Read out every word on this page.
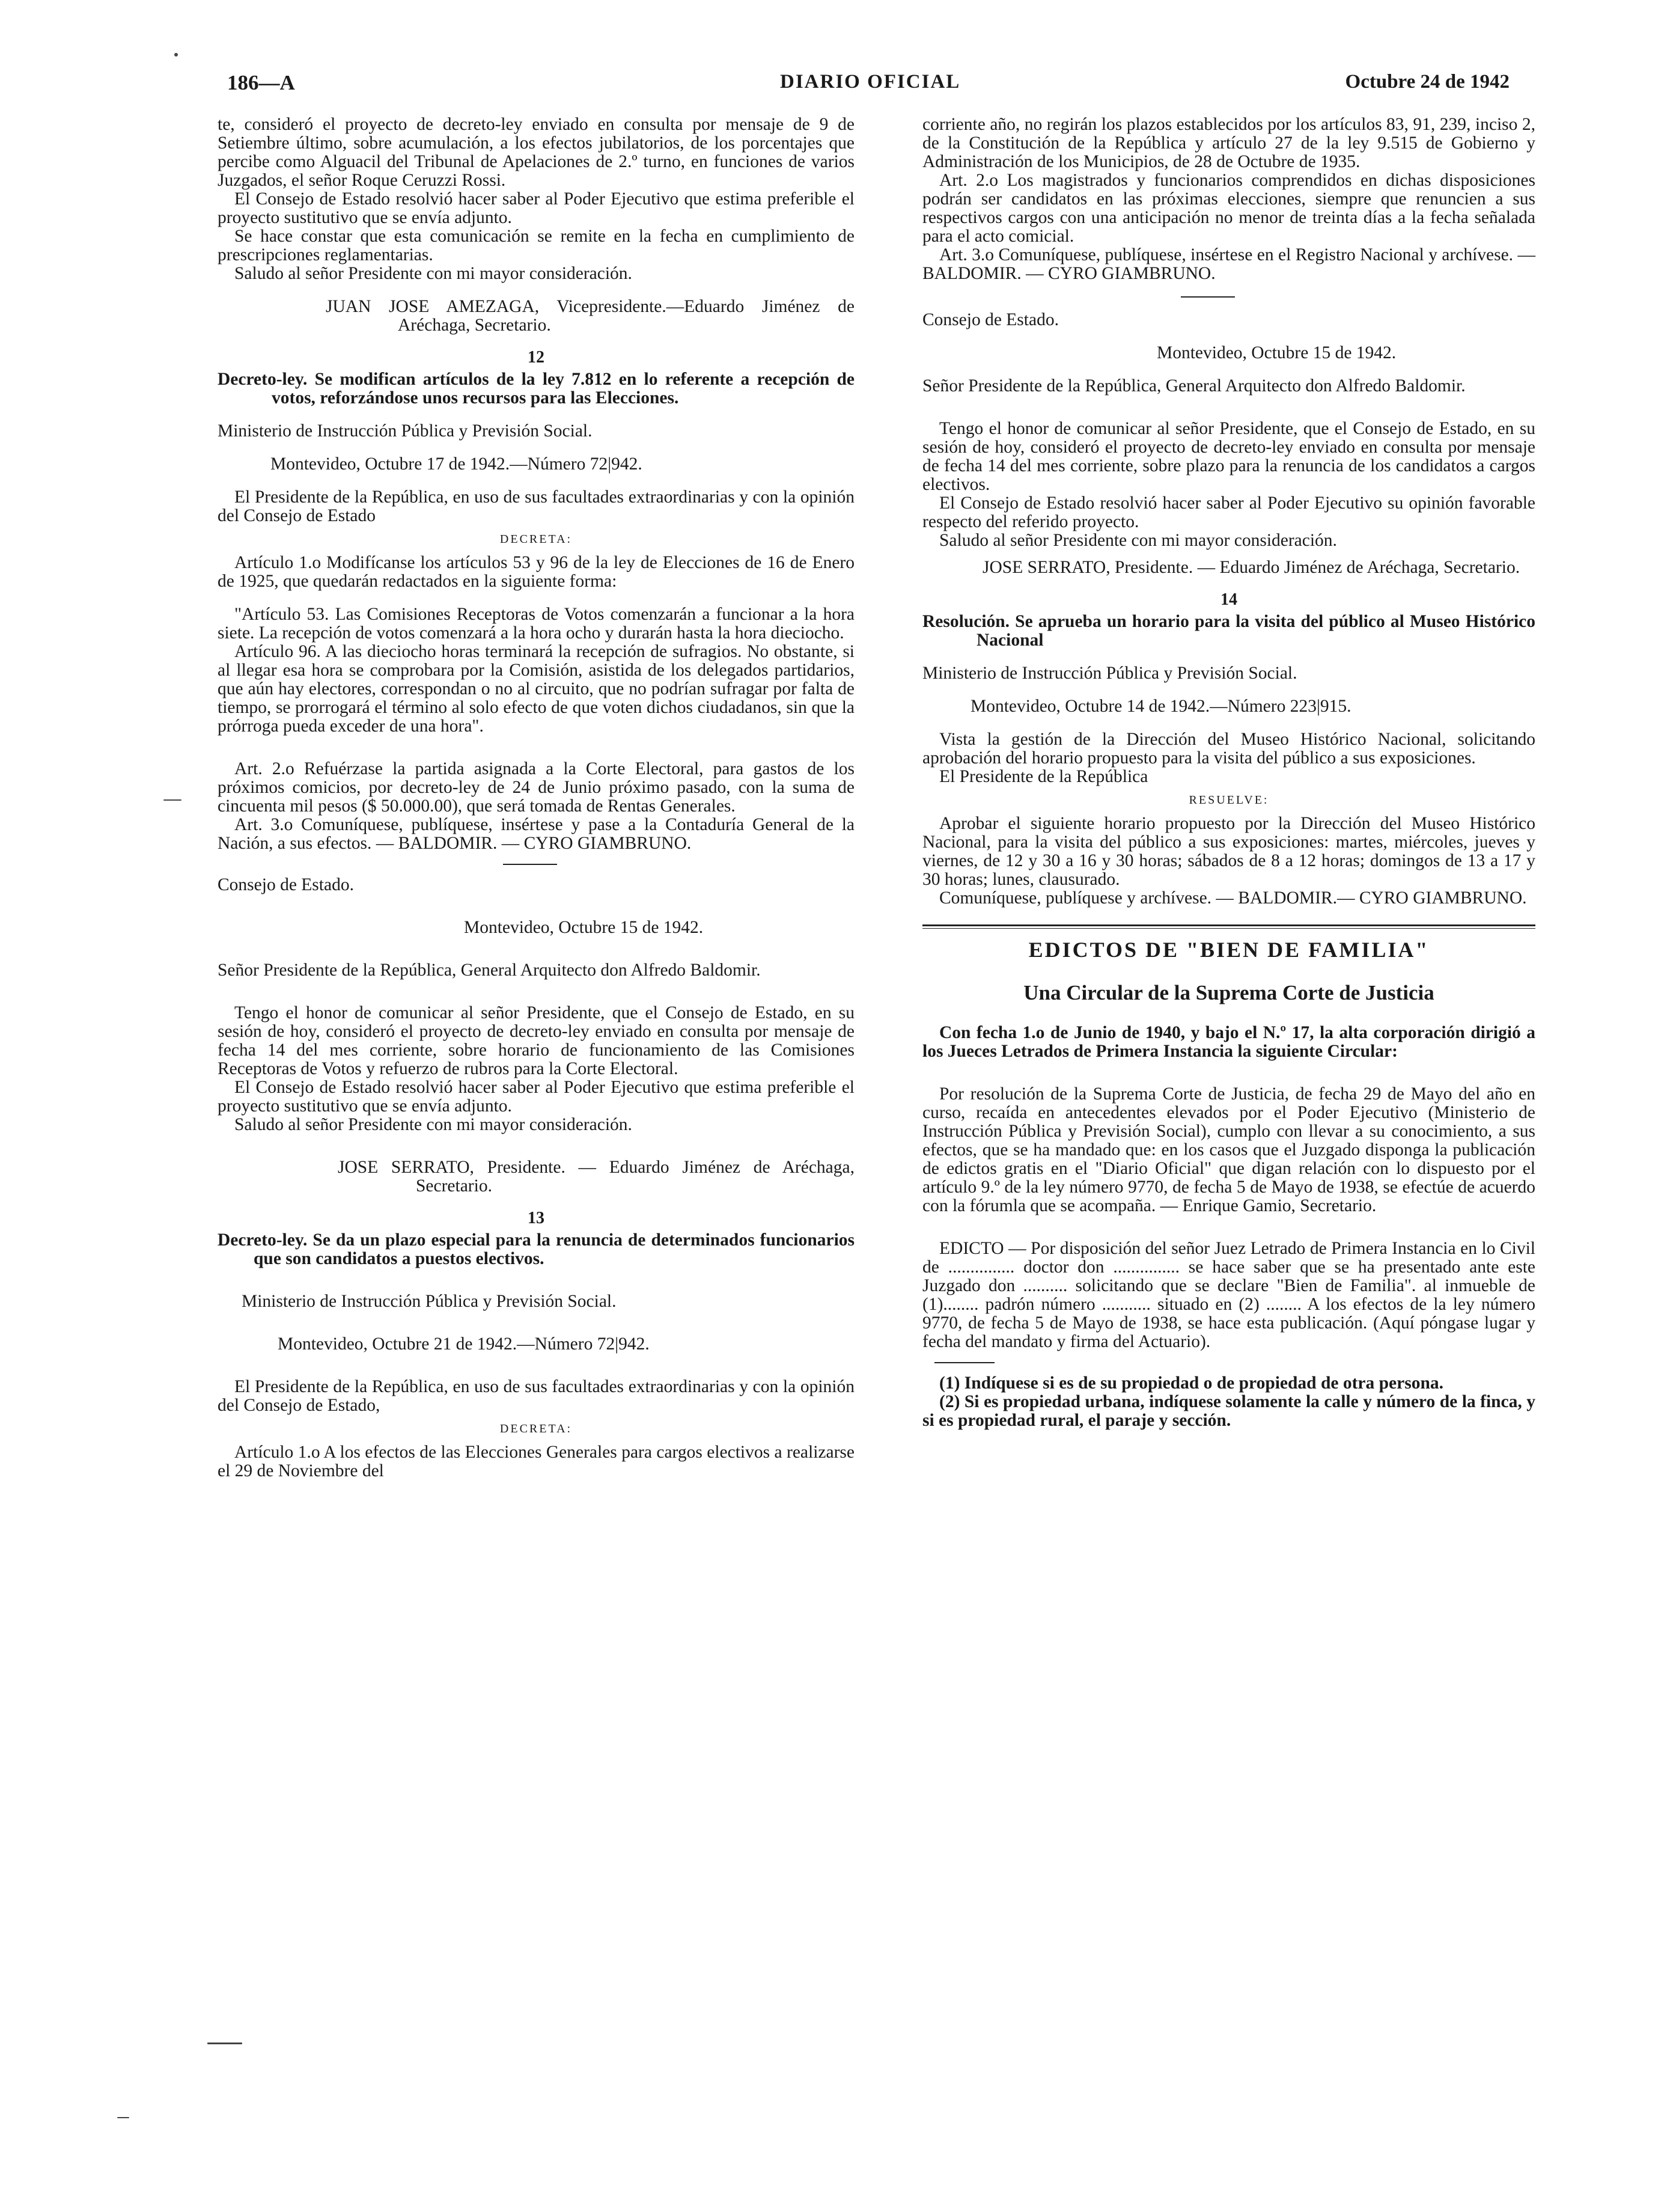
186—A	DIARIO OFICIAL	Octubre 24 de 1942

te, consideró el proyecto de decreto-ley enviado en consulta por mensaje de 9 de Setiembre último, sobre acumulación, a los efectos jubilatorios, de los porcentajes que percibe como Alguacil del Tribunal de Apelaciones de 2.º turno, en funciones de varios Juzgados, el señor Roque Ceruzzi Rossi.

El Consejo de Estado resolvió hacer saber al Poder Ejecutivo que estima preferible el proyecto sustitutivo que se envía adjunto.

Se hace constar que esta comunicación se remite en la fecha en cumplimiento de prescripciones reglamentarias.

Saludo al señor Presidente con mi mayor consideración.

JUAN JOSE AMEZAGA, Vicepresidente.—Eduardo Jiménez de Aréchaga, Secretario.

12

Decreto-ley. Se modifican artículos de la ley 7.812 en lo referente a recepción de votos, reforzándose unos recursos para las Elecciones.

Ministerio de Instrucción Pública y Previsión Social.

Montevideo, Octubre 17 de 1942.—Número 72|942.

El Presidente de la República, en uso de sus facultades extraordinarias y con la opinión del Consejo de Estado

DECRETA:

Artículo 1.o Modifícanse los artículos 53 y 96 de la ley de Elecciones de 16 de Enero de 1925, que quedarán redactados en la siguiente forma:

"Artículo 53. Las Comisiones Receptoras de Votos comenzarán a funcionar a la hora siete. La recepción de votos comenzará a la hora ocho y durarán hasta la hora dieciocho.

Artículo 96. A las dieciocho horas terminará la recepción de sufragios. No obstante, si al llegar esa hora se comprobara por la Comisión, asistida de los delegados partidarios, que aún hay electores, correspondan o no al circuito, que no podrían sufragar por falta de tiempo, se prorrogará el término al solo efecto de que voten dichos ciudadanos, sin que la prórroga pueda exceder de una hora".

Art. 2.o Refuérzase la partida asignada a la Corte Electoral, para gastos de los próximos comicios, por decreto-ley de 24 de Junio próximo pasado, con la suma de cincuenta mil pesos ($ 50.000.00), que será tomada de Rentas Generales.

Art. 3.o Comuníquese, publíquese, insértese y pase a la Contaduría General de la Nación, a sus efectos. — BALDOMIR. — CYRO GIAMBRUNO.

Consejo de Estado.

Montevideo, Octubre 15 de 1942.

Señor Presidente de la República, General Arquitecto don Alfredo Baldomir.

Tengo el honor de comunicar al señor Presidente, que el Consejo de Estado, en su sesión de hoy, consideró el proyecto de decreto-ley enviado en consulta por mensaje de fecha 14 del mes corriente, sobre horario de funcionamiento de las Comisiones Receptoras de Votos y refuerzo de rubros para la Corte Electoral.

El Consejo de Estado resolvió hacer saber al Poder Ejecutivo que estima preferible el proyecto sustitutivo que se envía adjunto.

Saludo al señor Presidente con mi mayor consideración.

JOSE SERRATO, Presidente. — Eduardo Jiménez de Aréchaga, Secretario.

13

Decreto-ley. Se da un plazo especial para la renuncia de determinados funcionarios que son candidatos a puestos electivos.

Ministerio de Instrucción Pública y Previsión Social.

Montevideo, Octubre 21 de 1942.—Número 72|942.

El Presidente de la República, en uso de sus facultades extraordinarias y con la opinión del Consejo de Estado,

DECRETA:

Artículo 1.o A los efectos de las Elecciones Generales para cargos electivos a realizarse el 29 de Noviembre del

corriente año, no regirán los plazos establecidos por los artículos 83, 91, 239, inciso 2, de la Constitución de la República y artículo 27 de la ley 9.515 de Gobierno y Administración de los Municipios, de 28 de Octubre de 1935.

Art. 2.o Los magistrados y funcionarios comprendidos en dichas disposiciones podrán ser candidatos en las próximas elecciones, siempre que renuncien a sus respectivos cargos con una anticipación no menor de treinta días a la fecha señalada para el acto comicial.

Art. 3.o Comuníquese, publíquese, insértese en el Registro Nacional y archívese. — BALDOMIR. — CYRO GIAMBRUNO.

Consejo de Estado.

Montevideo, Octubre 15 de 1942.

Señor Presidente de la República, General Arquitecto don Alfredo Baldomir.

Tengo el honor de comunicar al señor Presidente, que el Consejo de Estado, en su sesión de hoy, consideró el proyecto de decreto-ley enviado en consulta por mensaje de fecha 14 del mes corriente, sobre plazo para la renuncia de los candidatos a cargos electivos.

El Consejo de Estado resolvió hacer saber al Poder Ejecutivo su opinión favorable respecto del referido proyecto.

Saludo al señor Presidente con mi mayor consideración.

JOSE SERRATO, Presidente. — Eduardo Jiménez de Aréchaga, Secretario.

14

Resolución. Se aprueba un horario para la visita del público al Museo Histórico Nacional

Ministerio de Instrucción Pública y Previsión Social.

Montevideo, Octubre 14 de 1942.—Número 223|915.

Vista la gestión de la Dirección del Museo Histórico Nacional, solicitando aprobación del horario propuesto para la visita del público a sus exposiciones.

El Presidente de la República

RESUELVE:

Aprobar el siguiente horario propuesto por la Dirección del Museo Histórico Nacional, para la visita del público a sus exposiciones: martes, miércoles, jueves y viernes, de 12 y 30 a 16 y 30 horas; sábados de 8 a 12 horas; domingos de 13 a 17 y 30 horas; lunes, clausurado.

Comuníquese, publíquese y archívese. — BALDOMIR.— CYRO GIAMBRUNO.

EDICTOS DE "BIEN DE FAMILIA"
Una Circular de la Suprema Corte de Justicia

Con fecha 1.o de Junio de 1940, y bajo el N.º 17, la alta corporación dirigió a los Jueces Letrados de Primera Instancia la siguiente Circular:

Por resolución de la Suprema Corte de Justicia, de fecha 29 de Mayo del año en curso, recaída en antecedentes elevados por el Poder Ejecutivo (Ministerio de Instrucción Pública y Previsión Social), cumplo con llevar a su conocimiento, a sus efectos, que se ha mandado que: en los casos que el Juzgado disponga la publicación de edictos gratis en el "Diario Oficial" que digan relación con lo dispuesto por el artículo 9.º de la ley número 9770, de fecha 5 de Mayo de 1938, se efectúe de acuerdo con la fórumla que se acompaña. — Enrique Gamio, Secretario.

EDICTO — Por disposición del señor Juez Letrado de Primera Instancia en lo Civil de ............... doctor don ............... se hace saber que se ha presentado ante este Juzgado don .......... solicitando que se declare "Bien de Familia". al inmueble de (1)........ padrón número ........... situado en (2) ........ A los efectos de la ley número 9770, de fecha 5 de Mayo de 1938, se hace esta publicación. (Aquí póngase lugar y fecha del mandato y firma del Actuario).

(1) Indíquese si es de su propiedad o de propiedad de otra persona.

(2) Si es propiedad urbana, indíquese solamente la calle y número de la finca, y si es propiedad rural, el paraje y sección.
